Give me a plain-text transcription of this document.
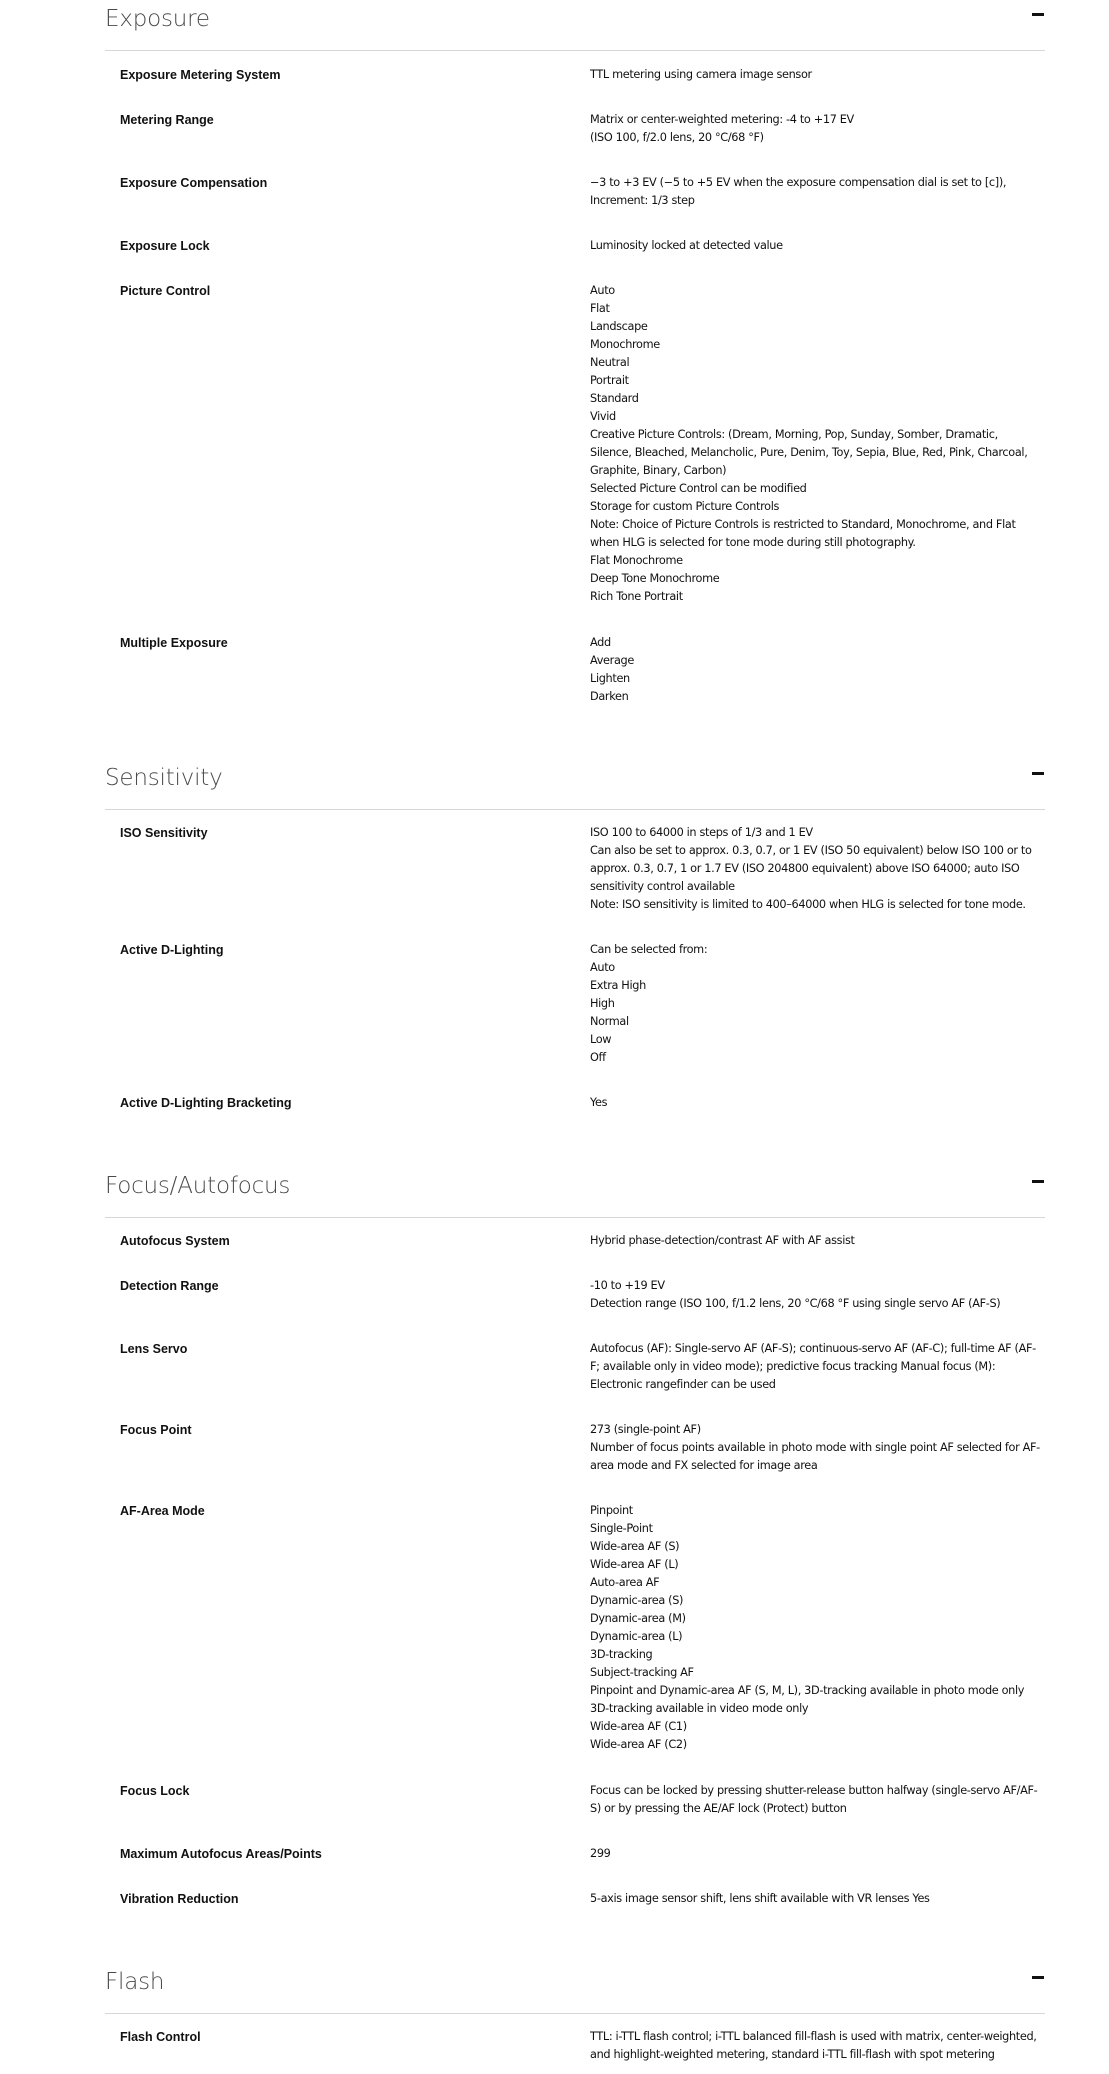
Exposure
Exposure Metering System	TTL metering using camera image sensor
Metering Range	Matrix or center-weighted metering: -4 to +17 EV
(ISO 100, f/2.0 lens, 20 °C/68 °F)
Exposure Compensation	−3 to +3 EV (−5 to +5 EV when the exposure compensation dial is set to [c]), Increment: 1/3 step
Exposure Lock	Luminosity locked at detected value
Picture Control	Auto
Flat
Landscape
Monochrome
Neutral
Portrait
Standard
Vivid
Creative Picture Controls: (Dream, Morning, Pop, Sunday, Somber, Dramatic, Silence, Bleached, Melancholic, Pure, Denim, Toy, Sepia, Blue, Red, Pink, Charcoal, Graphite, Binary, Carbon)
Selected Picture Control can be modified
Storage for custom Picture Controls
Note: Choice of Picture Controls is restricted to Standard, Monochrome, and Flat when HLG is selected for tone mode during still photography.
Flat Monochrome
Deep Tone Monochrome
Rich Tone Portrait
Multiple Exposure	Add
Average
Lighten
Darken
Sensitivity
ISO Sensitivity	ISO 100 to 64000 in steps of 1/3 and 1 EV
Can also be set to approx. 0.3, 0.7, or 1 EV (ISO 50 equivalent) below ISO 100 or to approx. 0.3, 0.7, 1 or 1.7 EV (ISO 204800 equivalent) above ISO 64000; auto ISO sensitivity control available
Note: ISO sensitivity is limited to 400–64000 when HLG is selected for tone mode.
Active D-Lighting	Can be selected from:
Auto
Extra High
High
Normal
Low
Off
Active D-Lighting Bracketing	Yes
Focus/Autofocus
Autofocus System	Hybrid phase-detection/contrast AF with AF assist
Detection Range	-10 to +19 EV
Detection range (ISO 100, f/1.2 lens, 20 °C/68 °F using single servo AF (AF-S)
Lens Servo	Autofocus (AF): Single-servo AF (AF-S); continuous-servo AF (AF-C); full-time AF (AF-F; available only in video mode); predictive focus tracking Manual focus (M): Electronic rangefinder can be used
Focus Point	273 (single-point AF)
Number of focus points available in photo mode with single point AF selected for AF-area mode and FX selected for image area
AF-Area Mode	Pinpoint
Single-Point
Wide-area AF (S)
Wide-area AF (L)
Auto-area AF
Dynamic-area (S)
Dynamic-area (M)
Dynamic-area (L)
3D-tracking
Subject-tracking AF
Pinpoint and Dynamic-area AF (S, M, L), 3D-tracking available in photo mode only
3D-tracking available in video mode only
Wide-area AF (C1)
Wide-area AF (C2)
Focus Lock	Focus can be locked by pressing shutter-release button halfway (single-servo AF/AF-S) or by pressing the AE/AF lock (Protect) button
Maximum Autofocus Areas/Points	299
Vibration Reduction	5-axis image sensor shift, lens shift available with VR lenses Yes
Flash
Flash Control	TTL: i-TTL flash control; i-TTL balanced fill-flash is used with matrix, center-weighted, and highlight-weighted metering, standard i-TTL fill-flash with spot metering
